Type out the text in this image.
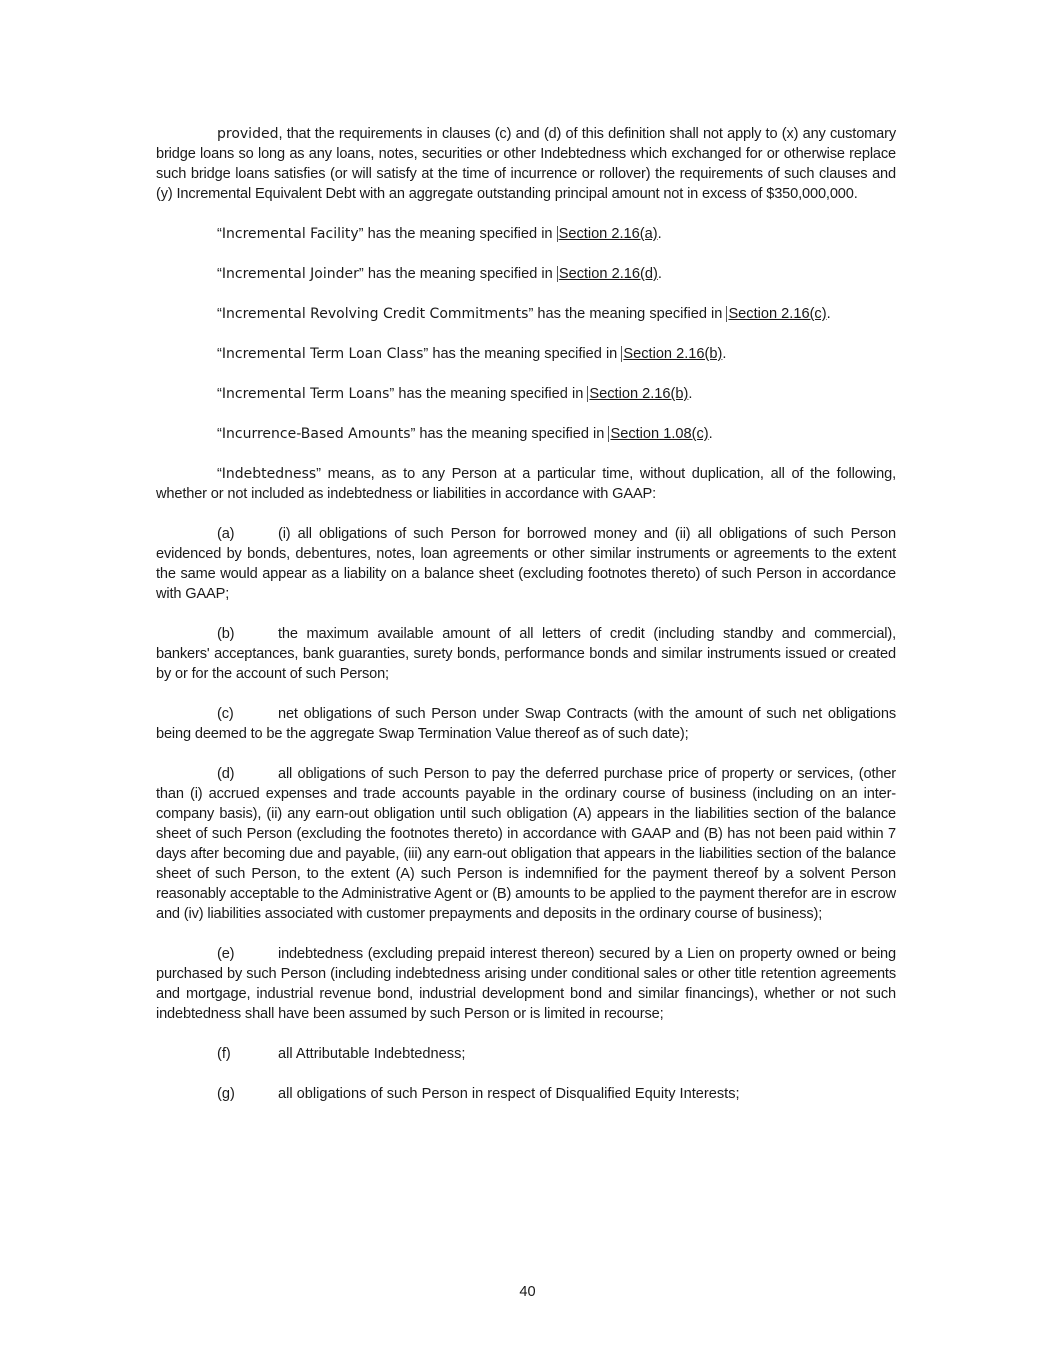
provided, that the requirements in clauses (c) and (d) of this definition shall not apply to (x) any customary bridge loans so long as any loans, notes, securities or other Indebtedness which exchanged for or otherwise replace such bridge loans satisfies (or will satisfy at the time of incurrence or rollover) the requirements of such clauses and (y) Incremental Equivalent Debt with an aggregate outstanding principal amount not in excess of $350,000,000.

“Incremental Facility” has the meaning specified in Section 2.16(a).
“Incremental Joinder” has the meaning specified in Section 2.16(d).
“Incremental Revolving Credit Commitments” has the meaning specified in Section 2.16(c).
“Incremental Term Loan Class” has the meaning specified in Section 2.16(b).
“Incremental Term Loans” has the meaning specified in Section 2.16(b).
“Incurrence-Based Amounts” has the meaning specified in Section 1.08(c).

“Indebtedness” means, as to any Person at a particular time, without duplication, all of the following, whether or not included as indebtedness or liabilities in accordance with GAAP:

(a)	(i) all obligations of such Person for borrowed money and (ii) all obligations of such Person evidenced by bonds, debentures, notes, loan agreements or other similar instruments or agreements to the extent the same would appear as a liability on a balance sheet (excluding footnotes thereto) of such Person in accordance with GAAP;

(b)	the maximum available amount of all letters of credit (including standby and commercial), bankers' acceptances, bank guaranties, surety bonds, performance bonds and similar instruments issued or created by or for the account of such Person;

(c)	net obligations of such Person under Swap Contracts (with the amount of such net obligations being deemed to be the aggregate Swap Termination Value thereof as of such date);

(d)	all obligations of such Person to pay the deferred purchase price of property or services, (other than (i) accrued expenses and trade accounts payable in the ordinary course of business (including on an inter-company basis), (ii) any earn-out obligation until such obligation (A) appears in the liabilities section of the balance sheet of such Person (excluding the footnotes thereto) in accordance with GAAP and (B) has not been paid within 7 days after becoming due and payable, (iii) any earn-out obligation that appears in the liabilities section of the balance sheet of such Person, to the extent (A) such Person is indemnified for the payment thereof by a solvent Person reasonably acceptable to the Administrative Agent or (B) amounts to be applied to the payment therefor are in escrow and (iv) liabilities associated with customer prepayments and deposits in the ordinary course of business);

(e)	indebtedness (excluding prepaid interest thereon) secured by a Lien on property owned or being purchased by such Person (including indebtedness arising under conditional sales or other title retention agreements and mortgage, industrial revenue bond, industrial development bond and similar financings), whether or not such indebtedness shall have been assumed by such Person or is limited in recourse;

(f)	all Attributable Indebtedness;
(g)	all obligations of such Person in respect of Disqualified Equity Interests;
40
